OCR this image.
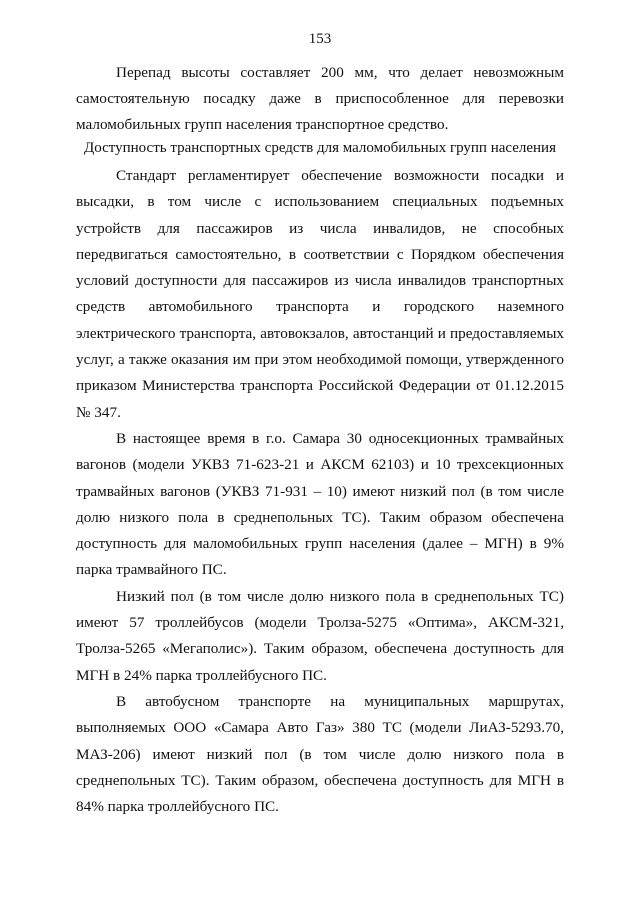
153

Перепад высоты составляет 200 мм, что делает невозможным самостоятельную посадку даже в приспособленное для перевозки маломобильных групп населения транспортное средство.

Доступность транспортных средств для маломобильных групп населения

Стандарт регламентирует обеспечение возможности посадки и высадки, в том числе с использованием специальных подъемных устройств для пассажиров из числа инвалидов, не способных передвигаться самостоятельно, в соответствии с Порядком обеспечения условий доступности для пассажиров из числа инвалидов транспортных средств автомобильного транспорта и городского наземного электрического транспорта, автовокзалов, автостанций и предоставляемых услуг, а также оказания им при этом необходимой помощи, утвержденного приказом Министерства транспорта Российской Федерации от 01.12.2015 № 347.

В настоящее время в г.о. Самара 30 односекционных трамвайных вагонов (модели УКВЗ 71-623-21 и АКСМ 62103) и 10 трехсекционных трамвайных вагонов (УКВЗ 71-931 – 10) имеют низкий пол (в том числе долю низкого пола в среднепольных ТС). Таким образом обеспечена доступность для маломобильных групп населения (далее – МГН) в 9% парка трамвайного ПС.

Низкий пол (в том числе долю низкого пола в среднепольных ТС) имеют 57 троллейбусов (модели Тролза-5275 «Оптима», АКСМ-321, Тролза-5265 «Мегаполис»). Таким образом, обеспечена доступность для МГН в 24% парка троллейбусного ПС.

В автобусном транспорте на муниципальных маршрутах, выполняемых ООО «Самара Авто Газ» 380 ТС (модели ЛиАЗ-5293.70, МАЗ-206) имеют низкий пол (в том числе долю низкого пола в среднепольных ТС). Таким образом, обеспечена доступность для МГН в 84% парка троллейбусного ПС.
